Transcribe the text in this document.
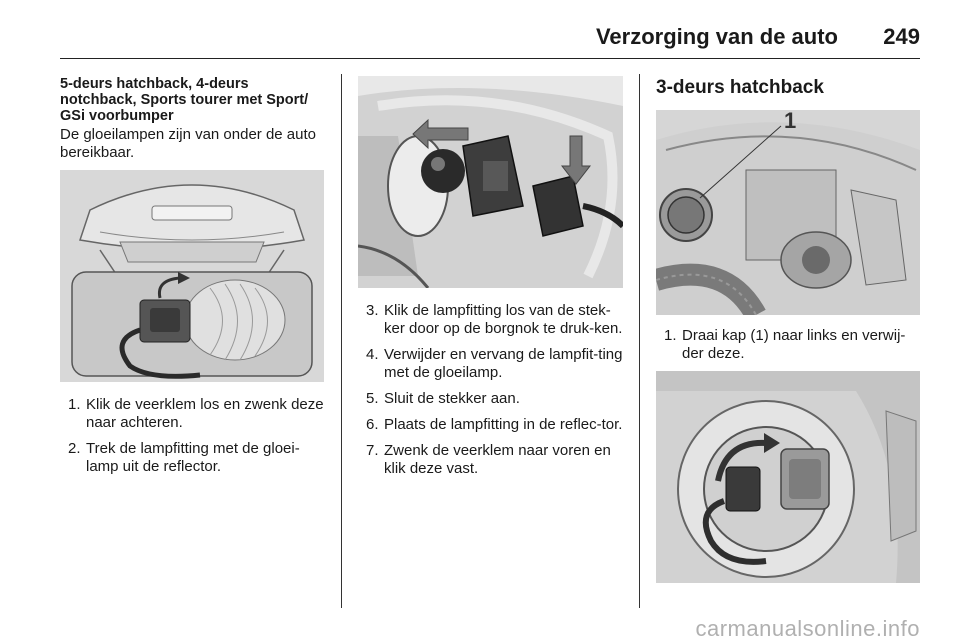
Verzorging van de auto 249

5-deurs hatchback, 4-deurs notchback, Sports tourer met Sport/ GSi voorbumper

De gloeilampen zijn van onder de auto bereikbaar.

1. Klik de veerklem los en zwenk deze naar achteren.
2. Trek de lampfitting met de gloei-lamp uit de reflector.
3. Klik de lampfitting los van de stek-ker door op de borgnok te druk-ken.
4. Verwijder en vervang de lampfit-ting met de gloeilamp.
5. Sluit de stekker aan.
6. Plaats de lampfitting in de reflec-tor.
7. Zwenk de veerklem naar voren en klik deze vast.

3-deurs hatchback

1
1. Draai kap (1) naar links en verwij-der deze.
carmanualsonline.info
